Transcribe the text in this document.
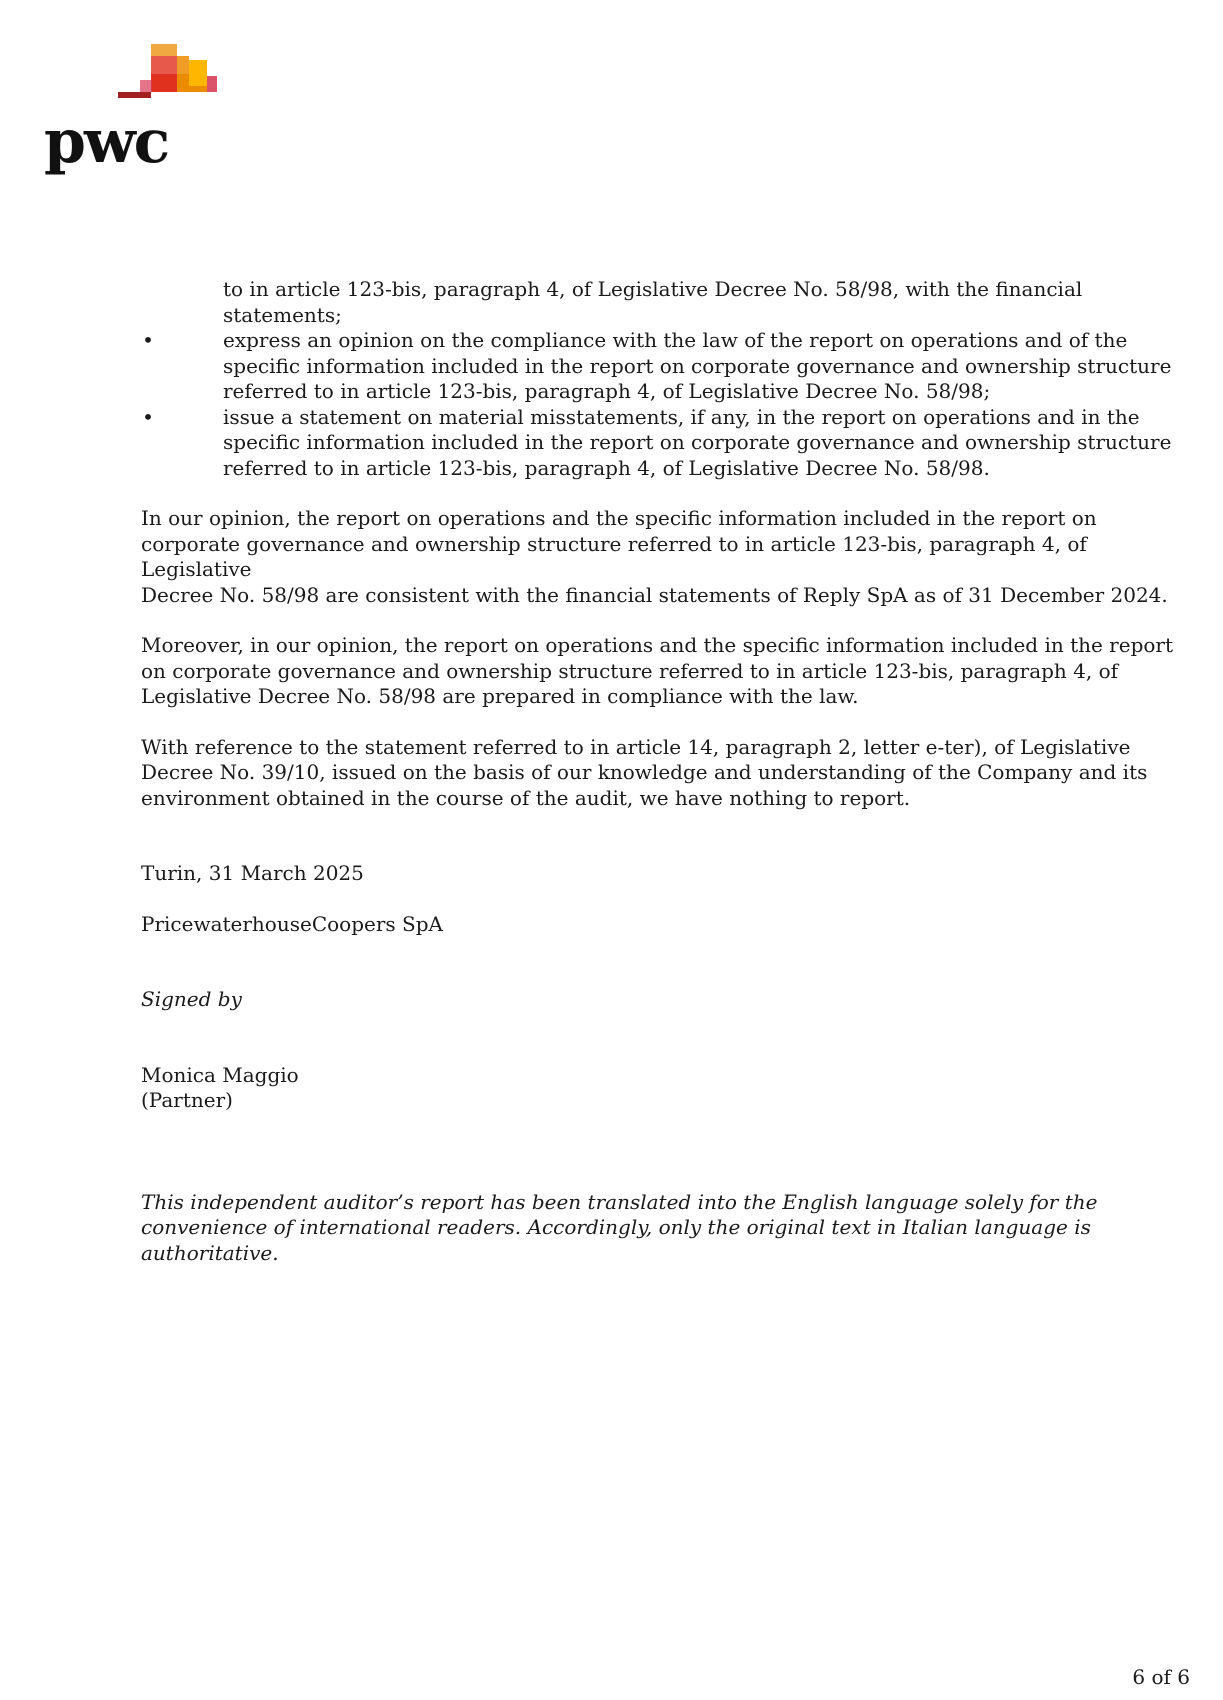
pwc
to in article 123-bis, paragraph 4, of Legislative Decree No. 58/98, with the financial
statements;
•	express an opinion on the compliance with the law of the report on operations and of the
specific information included in the report on corporate governance and ownership structure
referred to in article 123-bis, paragraph 4, of Legislative Decree No. 58/98;
•	issue a statement on material misstatements, if any, in the report on operations and in the
specific information included in the report on corporate governance and ownership structure
referred to in article 123-bis, paragraph 4, of Legislative Decree No. 58/98.
In our opinion, the report on operations and the specific information included in the report on
corporate governance and ownership structure referred to in article 123-bis, paragraph 4, of Legislative
Decree No. 58/98 are consistent with the financial statements of Reply SpA as of 31 December 2024.
Moreover, in our opinion, the report on operations and the specific information included in the report
on corporate governance and ownership structure referred to in article 123-bis, paragraph 4, of
Legislative Decree No. 58/98 are prepared in compliance with the law.
With reference to the statement referred to in article 14, paragraph 2, letter e-ter), of Legislative
Decree No. 39/10, issued on the basis of our knowledge and understanding of the Company and its
environment obtained in the course of the audit, we have nothing to report.
Turin, 31 March 2025
PricewaterhouseCoopers SpA
Signed by
Monica Maggio
(Partner)
This independent auditor’s report has been translated into the English language solely for the
convenience of international readers. Accordingly, only the original text in Italian language is
authoritative.
6 of 6
